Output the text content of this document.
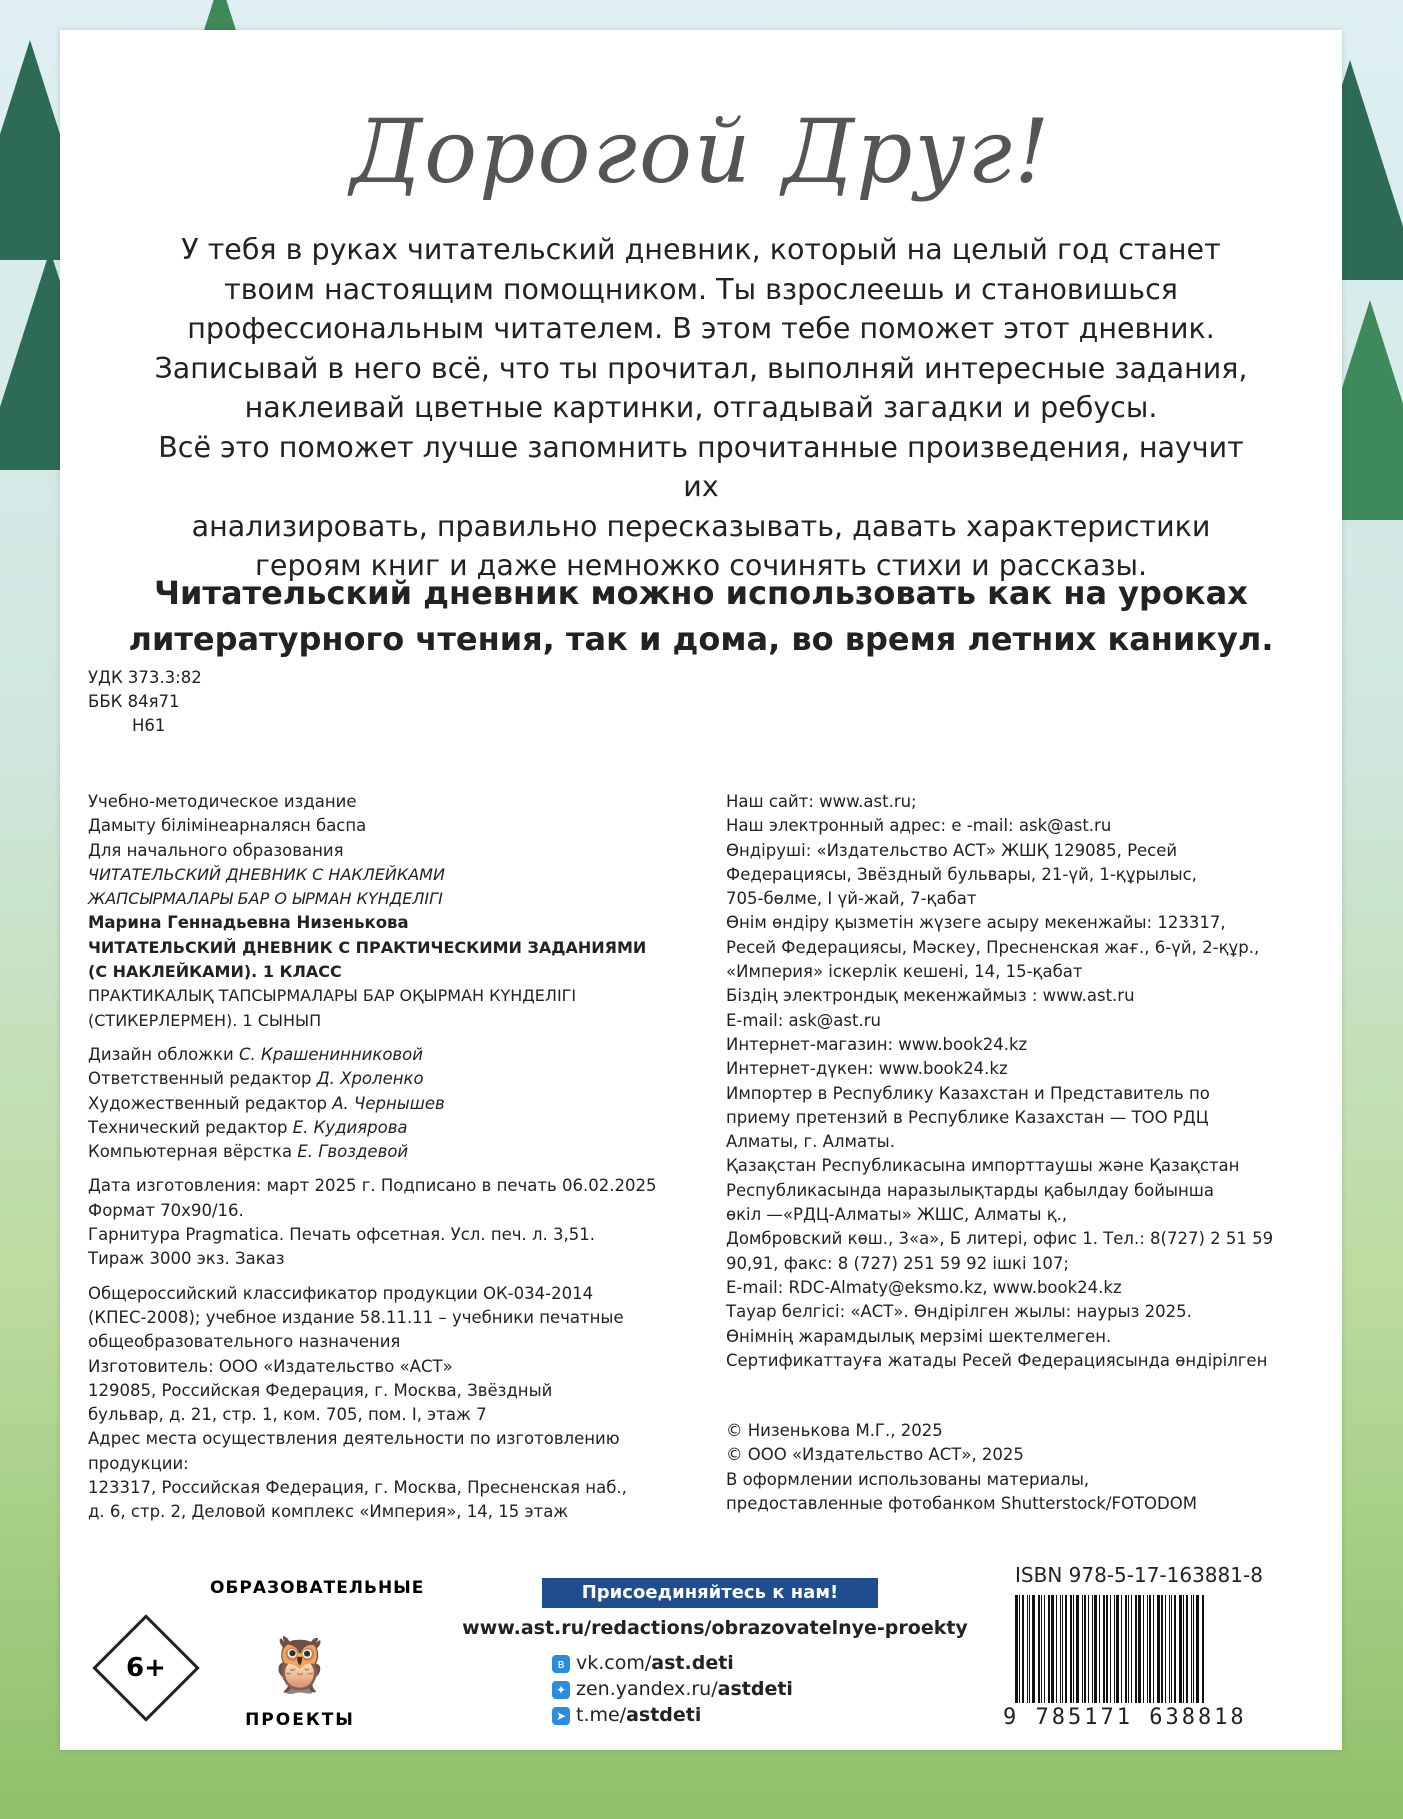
Дорогой Друг!

У тебя в руках читательский дневник, который на целый год станет

твоим настоящим помощником. Ты взрослеешь и становишься

профессиональным читателем. В этом тебе поможет этот дневник.

Записывай в него всё, что ты прочитал, выполняй интересные задания,

наклеивай цветные картинки, отгадывай загадки и ребусы.

Всё это поможет лучше запомнить прочитанные произведения, научит их

анализировать, правильно пересказывать, давать характеристики

героям книг и даже немножко сочинять стихи и рассказы.

Читательский дневник можно использовать как на уроках
литературного чтения, так и дома, во время летних каникул.
УДК 373.3:82
ББК 84я71
Н61
Учебно-методическое издание
Дамыту білімінеарналясн баспа
Для начального образования
ЧИТАТЕЛЬСКИЙ ДНЕВНИК С НАКЛЕЙКАМИ
ЖАПСЫРМАЛАРЫ БАР О ЫРМАН КҮНДЕЛІГІ
Марина Геннадьевна Низенькова
ЧИТАТЕЛЬСКИЙ ДНЕВНИК С ПРАКТИЧЕСКИМИ ЗАДАНИЯМИ
(С НАКЛЕЙКАМИ). 1 КЛАСС
ПРАКТИКАЛЫҚ ТАПСЫРМАЛАРЫ БАР ОҚЫРМАН КҮНДЕЛІГІ
(СТИКЕРЛЕРМЕН). 1 СЫНЫП
Дизайн обложки С. Крашенинниковой
Ответственный редактор Д. Хроленко
Художественный редактор А. Чернышев
Технический редактор Е. Кудиярова
Компьютерная вёрстка Е. Гвоздевой
Дата изготовления: март 2025 г. Подписано в печать 06.02.2025
Формат 70х90/16.
Гарнитура Pragmatica. Печать офсетная. Усл. печ. л. 3,51.
Тираж 3000 экз. Заказ
Общероссийский классификатор продукции ОК-034-2014
(КПЕС-2008); учебное издание 58.11.11 – учебники печатные
общеобразовательного назначения
Изготовитель: ООО «Издательство «АСТ»
129085, Российская Федерация, г. Москва, Звёздный
бульвар, д. 21, стр. 1, ком. 705, пом. I, этаж 7
Адрес места осуществления деятельности по изготовлению
продукции:
123317, Российская Федерация, г. Москва, Пресненская наб.,
д. 6, стр. 2, Деловой комплекс «Империя», 14, 15 этаж
Наш сайт: www.ast.ru;
Наш электронный адрес: e -mail: ask@ast.ru
Өндіруші: «Издательство АСТ» ЖШҚ 129085, Ресей
Федерациясы, Звёздный бульвары, 21-үй, 1-құрылыс,
705-бөлме, I үй-жай, 7-қабат
Өнім өндіру қызметін жүзеге асыру мекенжайы: 123317,
Ресей Федерациясы, Мәскеу, Пресненская жағ., 6-үй, 2-құр.,
«Империя» іскерлік кешені, 14, 15-қабат
Біздің электрондық мекенжаймыз : www.ast.ru
E-mail: ask@ast.ru
Интернет-магазин: www.book24.kz
Интернет-дүкен: www.book24.kz
Импортер в Республику Казахстан и Представитель по
приему претензий в Республике Казахстан — ТОО РДЦ
Алматы, г. Алматы.
Қазақстан Республикасына импорттаушы және Қазақстан
Республикасында наразылықтарды қабылдау бойынша
өкіл —«РДЦ-Алматы» ЖШС, Алматы қ.,
Домбровский көш., 3«а», Б литері, офис 1. Тел.: 8(727) 2 51 59
90,91, факс: 8 (727) 251 59 92 ішкі 107;
E-mail: RDC-Almaty@eksmo.kz, www.book24.kz
Тауар белгісі: «АСТ». Өндірілген жылы: наурыз 2025.
Өнімнің жарамдылық мерзімі шектелмеген.
Сертификаттауға жатады Ресей Федерациясында өндірілген
© Низенькова М.Г., 2025
© ООО «Издательство АСТ», 2025
В оформлении использованы материалы,
предоставленные фотобанком Shutterstock/FOTODOM
6+
ОБРАЗОВАТЕЛЬНЫЕ
🦉
ПРОЕКТЫ
Присоединяйтесь к нам!
www.ast.ru/redactions/obrazovatelnye-proekty
в vk.com/ast.deti
✦ zen.yandex.ru/astdeti
➤ t.me/astdeti
ISBN 978-5-17-163881-8
9 785171 638818
